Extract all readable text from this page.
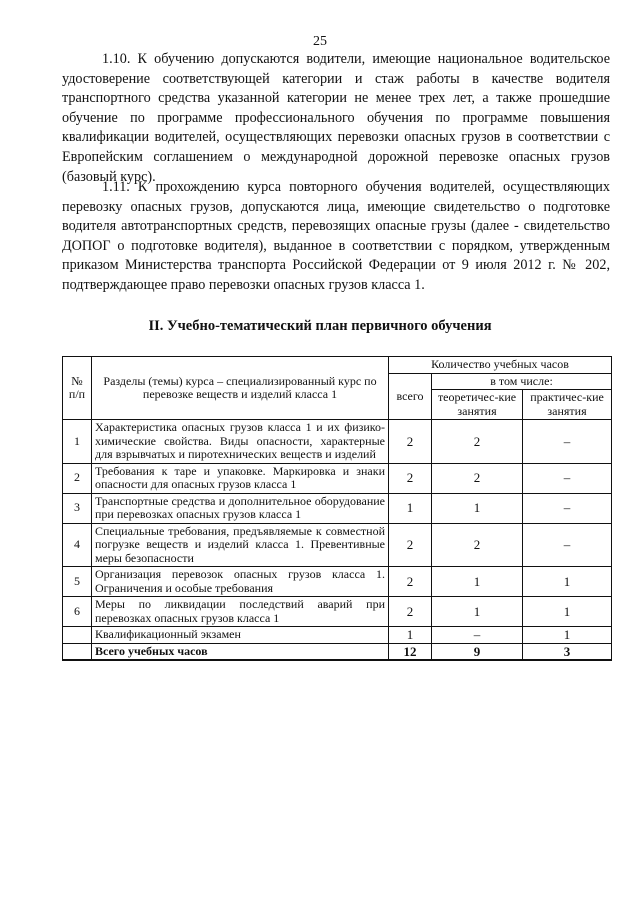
25

1.10. К обучению допускаются водители, имеющие национальное водительское удостоверение соответствующей категории и стаж работы в качестве водителя транспортного средства указанной категории не менее трех лет, а также прошедшие обучение по программе профессионального обучения по программе повышения квалификации водителей, осуществляющих перевозки опасных грузов в соответствии с Европейским соглашением о международной дорожной перевозке опасных грузов (базовый курс).

1.11. К прохождению курса повторного обучения водителей, осуществляющих перевозку опасных грузов, допускаются лица, имеющие свидетельство о подготовке водителя автотранспортных средств, перевозящих опасные грузы (далее - свидетельство ДОПОГ о подготовке водителя), выданное в соответствии с порядком, утвержденным приказом Министерства транспорта Российской Федерации от 9 июля 2012 г. № 202, подтверждающее право перевозки опасных грузов класса 1.

II. Учебно-тематический план первичного обучения
№ п/п	Разделы (темы) курса – специализированный курс по перевозке веществ и изделий класса 1	Количество учебных часов		
		всего	в том числе:	
			теоретичес-кие занятия	практичес-кие занятия
1	Характеристика опасных грузов класса 1 и их физико-химические свойства. Виды опасности, характерные для взрывчатых и пиротехнических веществ и изделий	2	2	–
2	Требования к таре и упаковке. Маркировка и знаки опасности для опасных грузов класса 1	2	2	–
3	Транспортные средства и дополнительное оборудование при перевозках опасных грузов класса 1	1	1	–
4	Специальные требования, предъявляемые к совместной погрузке веществ и изделий класса 1. Превентивные меры безопасности	2	2	–
5	Организация перевозок опасных грузов класса 1. Ограничения и особые требования	2	1	1
6	Меры по ликвидации последствий аварий при перевозках опасных грузов класса 1	2	1	1
	Квалификационный экзамен	1	–	1
	Всего учебных часов	12	9	3
